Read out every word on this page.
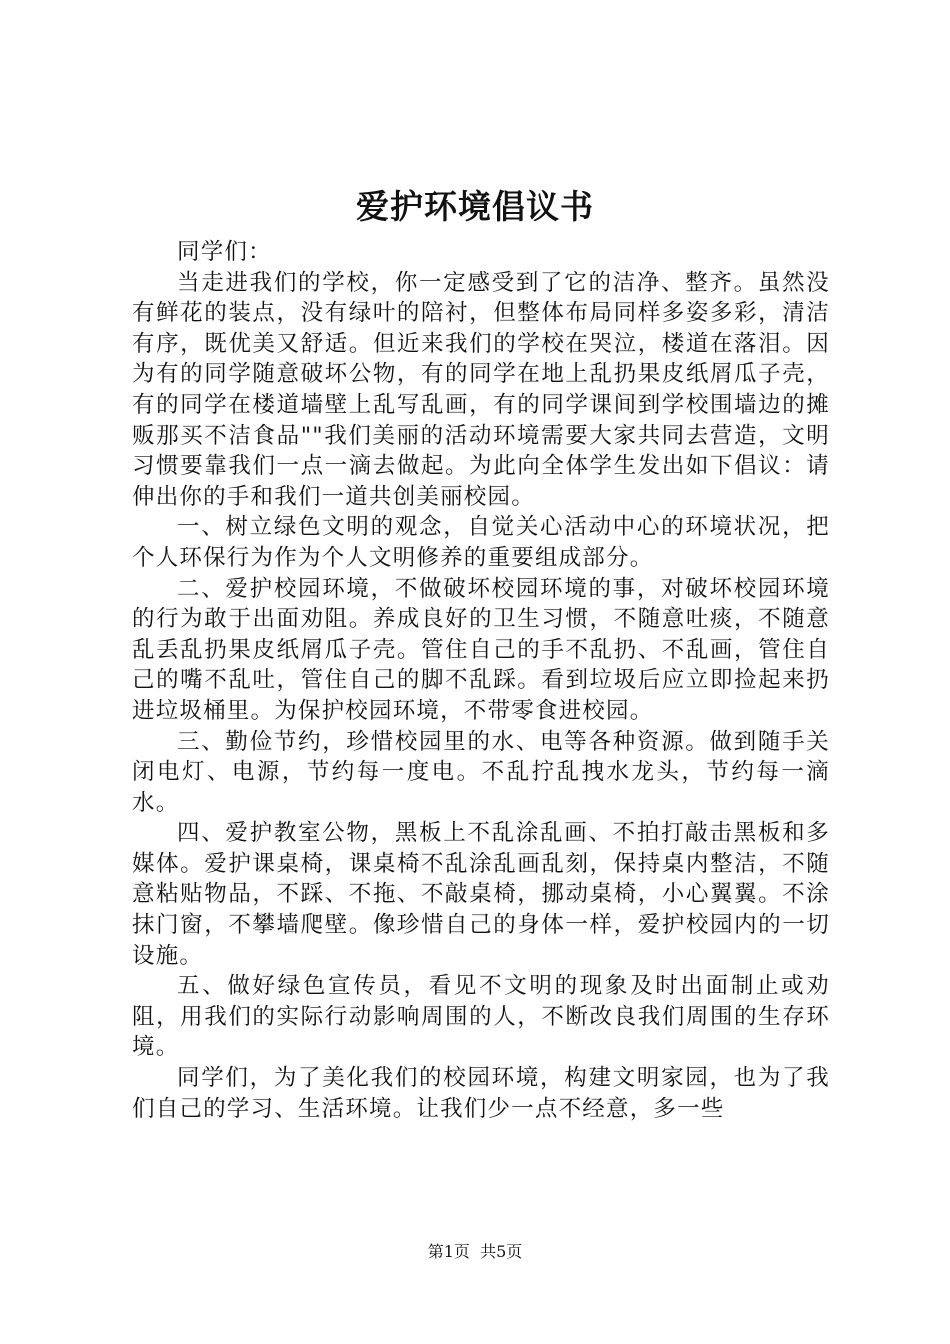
爱护环境倡议书

同学们：

当走进我们的学校，你一定感受到了它的洁净、整齐。虽然没有鲜花的装点，没有绿叶的陪衬，但整体布局同样多姿多彩，清洁有序，既优美又舒适。但近来我们的学校在哭泣，楼道在落泪。因为有的同学随意破坏公物，有的同学在地上乱扔果皮纸屑瓜子壳，有的同学在楼道墙壁上乱写乱画，有的同学课间到学校围墙边的摊贩那买不洁食品""我们美丽的活动环境需要大家共同去营造，文明习惯要靠我们一点一滴去做起。为此向全体学生发出如下倡议：请伸出你的手和我们一道共创美丽校园。

一、树立绿色文明的观念，自觉关心活动中心的环境状况，把个人环保行为作为个人文明修养的重要组成部分。

二、爱护校园环境，不做破坏校园环境的事，对破坏校园环境的行为敢于出面劝阻。养成良好的卫生习惯，不随意吐痰，不随意乱丢乱扔果皮纸屑瓜子壳。管住自己的手不乱扔、不乱画，管住自己的嘴不乱吐，管住自己的脚不乱踩。看到垃圾后应立即捡起来扔进垃圾桶里。为保护校园环境，不带零食进校园。

三、勤俭节约，珍惜校园里的水、电等各种资源。做到随手关闭电灯、电源，节约每一度电。不乱拧乱拽水龙头，节约每一滴水。

四、爱护教室公物，黑板上不乱涂乱画、不拍打敲击黑板和多媒体。爱护课桌椅，课桌椅不乱涂乱画乱刻，保持桌内整洁，不随意粘贴物品，不踩、不拖、不敲桌椅，挪动桌椅，小心翼翼。不涂抹门窗，不攀墙爬壁。像珍惜自己的身体一样，爱护校园内的一切设施。

五、做好绿色宣传员，看见不文明的现象及时出面制止或劝阻，用我们的实际行动影响周围的人，不断改良我们周围的生存环境。

同学们，为了美化我们的校园环境，构建文明家园，也为了我们自己的学习、生活环境。让我们少一点不经意，多一些

第1页 共5页
